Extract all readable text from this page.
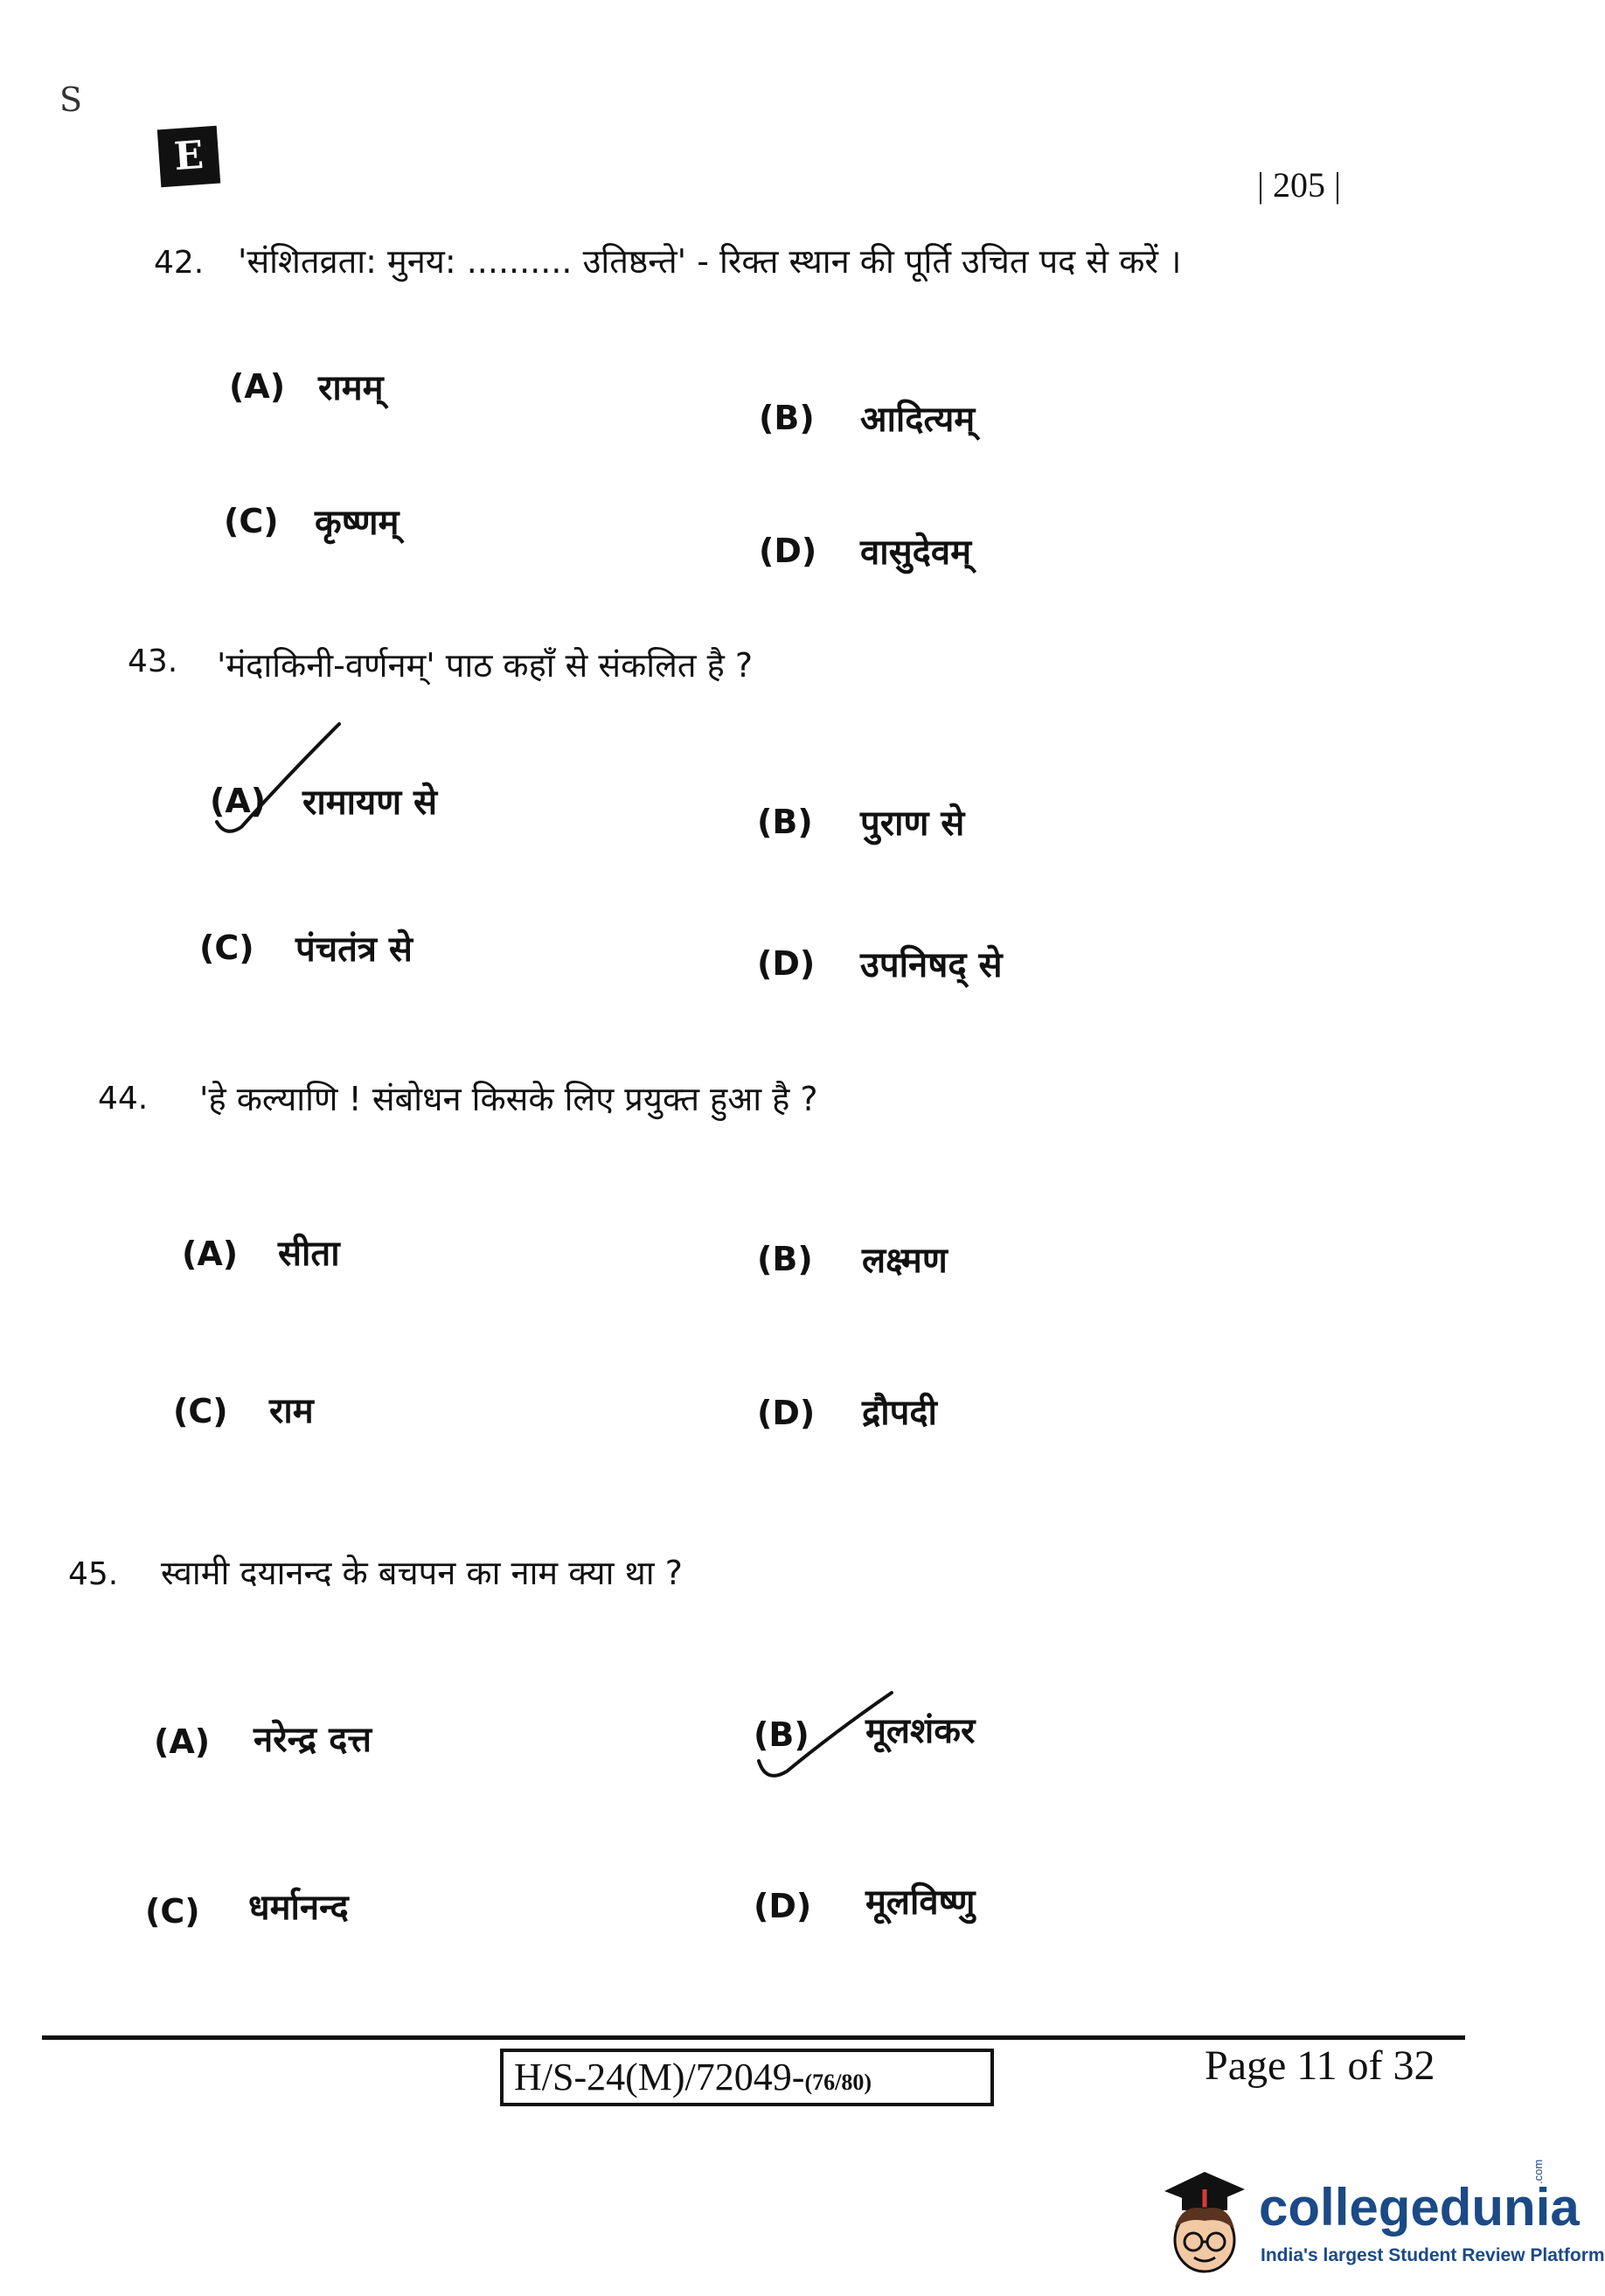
S
E
| 205 |
42. 'संशितव्रता: मुनय: .......... उतिष्ठन्ते' - रिक्त स्थान की पूर्ति उचित पद से करें ।
(A) रामम्
(B) आदित्यम्
(C) कृष्णम्
(D) वासुदेवम्
43. 'मंदाकिनी-वर्णनम्' पाठ कहाँ से संकलित है ?
(A) रामायण से	(B) पुराण से
(C) पंचतंत्र से	(D) उपनिषद् से
44. 'हे कल्याणि ! संबोधन किसके लिए प्रयुक्त हुआ है ?
(A) सीता	(B) लक्ष्मण
(C) राम	(D) द्रौपदी
45. स्वामी दयानन्द के बचपन का नाम क्या था ?
(A) नरेन्द्र दत्त	(B) मूलशंकर
(C) धर्मानन्द	(D) मूलविष्णु
H/S-24(M)/72049-(76/80)	Page 11 of 32
collegedunia
.com
India's largest Student Review Platform
